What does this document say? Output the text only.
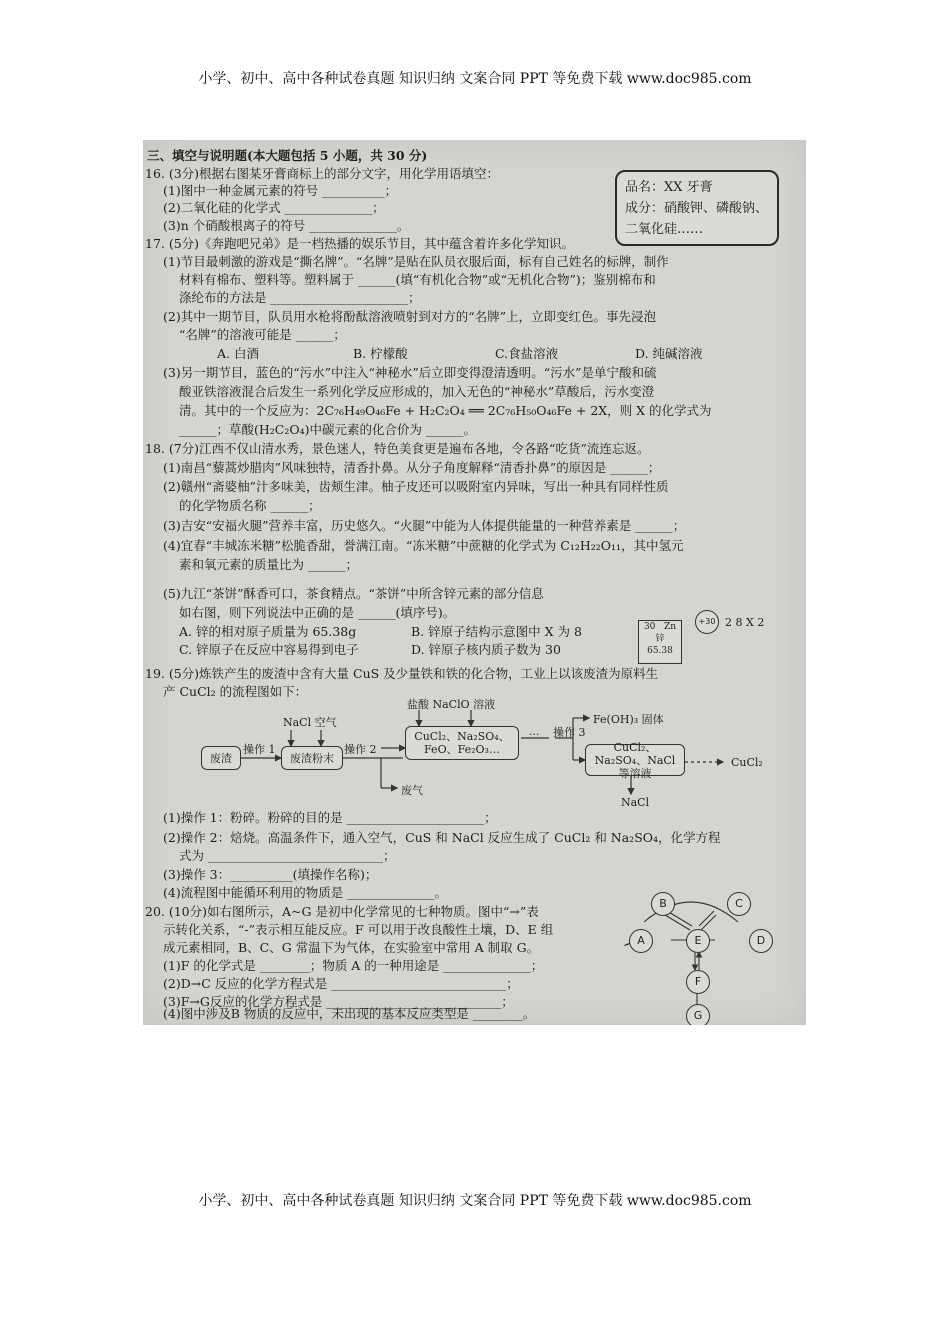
小学、初中、高中各种试卷真题 知识归纳 文案合同 PPT 等免费下载 www.doc985.com
三、填空与说明题(本大题包括 5 小题，共 30 分)
16. (3分)根据右图某牙膏商标上的部分文字，用化学用语填空：
(1)图中一种金属元素的符号 __________；
(2)二氧化硅的化学式 ______________；
(3)n 个硝酸根离子的符号 ______________。
品名：XX 牙膏
成分：硝酸钾、磷酸钠、
二氧化硅……
17. (5分)《奔跑吧兄弟》是一档热播的娱乐节目，其中蕴含着许多化学知识。
(1)节目最刺激的游戏是“撕名牌”。“名牌”是贴在队员衣服后面，标有自己姓名的标牌，制作
材料有棉布、塑料等。塑料属于 ______(填“有机化合物”或“无机化合物”)；鉴别棉布和
涤纶布的方法是 ______________________；
(2)其中一期节目，队员用水枪将酚酞溶液喷射到对方的“名牌”上，立即变红色。事先浸泡
“名牌”的溶液可能是 ______；
A. 白酒	B. 柠檬酸	C.食盐溶液	D. 纯碱溶液
(3)另一期节目，蓝色的“污水”中注入“神秘水”后立即变得澄清透明。“污水”是单宁酸和硫
酸亚铁溶液混合后发生一系列化学反应形成的，加入无色的“神秘水”草酸后，污水变澄
清。其中的一个反应为：2C₇₆H₄₉O₄₆Fe + H₂C₂O₄ ══ 2C₇₆H₅₀O₄₆Fe + 2X，则 X 的化学式为
______；草酸(H₂C₂O₄)中碳元素的化合价为 ______。
18. (7分)江西不仅山清水秀，景色迷人，特色美食更是遍布各地，令各路“吃货”流连忘返。
(1)南昌“藜蒿炒腊肉”风味独特，清香扑鼻。从分子角度解释“清香扑鼻”的原因是 ______；
(2)赣州“斋婆柚”汁多味美，齿颊生津。柚子皮还可以吸附室内异味，写出一种具有同样性质
的化学物质名称 ______；
(3)吉安“安福火腿”营养丰富，历史悠久。“火腿”中能为人体提供能量的一种营养素是 ______；
(4)宜春“丰城冻米糖”松脆香甜，誉满江南。“冻米糖”中蔗糖的化学式为 C₁₂H₂₂O₁₁，其中氢元
素和氧元素的质量比为 ______；
(5)九江“茶饼”酥香可口，茶食精点。“茶饼”中所含锌元素的部分信息
如右图，则下列说法中正确的是 ______(填序号)。
A. 锌的相对原子质量为 65.38g	B. 锌原子结构示意图中 X 为 8
C. 锌原子在反应中容易得到电子	D. 锌原子核内质子数为 30
30 Zn
锌
65.38
+30 2 8 X 2
19. (5分)炼铁产生的废渣中含有大量 CuS 及少量铁和铁的化合物，工业上以该废渣为原料生
产 CuCl₂ 的流程图如下：
废渣
操作 1
NaCl 空气
废渣粉末
操作 2
废气
盐酸 NaClO 溶液
CuCl₂、Na₂SO₄、FeO、Fe₂O₃…
··· 操作 3
Fe(OH)₃ 固体
CuCl₂、Na₂SO₄、NaCl 等溶液
CuCl₂
NaCl
(1)操作 1：粉碎。粉碎的目的是 ______________________；
(2)操作 2：焙烧。高温条件下，通入空气，CuS 和 NaCl 反应生成了 CuCl₂ 和 Na₂SO₄，化学方程
式为 ____________________________；
(3)操作 3：__________(填操作名称)；
(4)流程图中能循环利用的物质是 ______________。
20. (10分)如右图所示，A~G 是初中化学常见的七种物质。图中“→”表
示转化关系，“-”表示相互能反应。F 可以用于改良酸性土壤，D、E 组
成元素相同，B、C、G 常温下为气体，在实验室中常用 A 制取 G。
(1)F 的化学式是 ________；物质 A 的一种用途是 ______________；
(2)D→C 反应的化学方程式是 ____________________________；
(3)F→G反应的化学方程式是 ____________________________；
(4)图中涉及B 物质的反应中，未出现的基本反应类型是 ________。
B	C
A	E	D
F
G
小学、初中、高中各种试卷真题 知识归纳 文案合同 PPT 等免费下载 www.doc985.com
